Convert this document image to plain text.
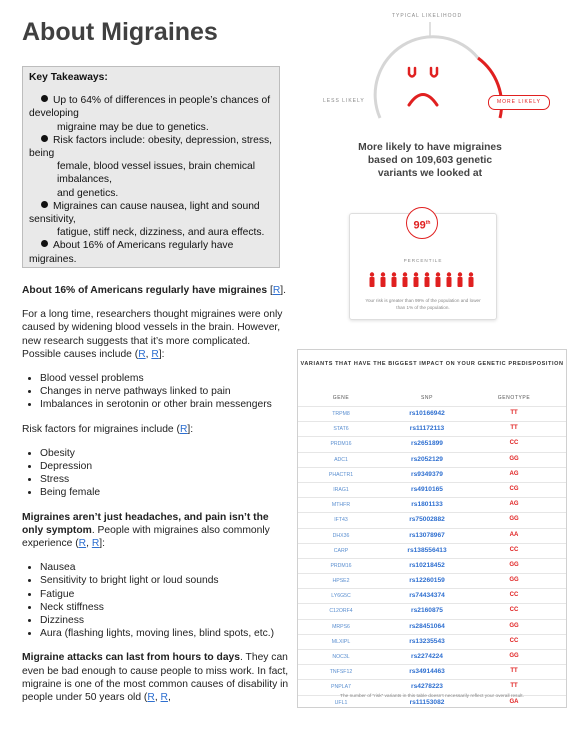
About Migraines
Key Takeaways:

Up to 64% of differences in people’s chances of developing

migraine may be due to genetics.

Risk factors include: obesity, depression, stress, being

female, blood vessel issues, brain chemical imbalances,

and genetics.

Migraines can cause nausea, light and sound sensitivity,

fatigue, stiff neck, dizziness, and aura effects.

About 16% of Americans regularly have migraines.

About 16% of Americans regularly have migraines [R].

For a long time, researchers thought migraines were only caused by widening blood vessels in the brain. However, new research suggests that it’s more complicated. Possible causes include (R, R]:

• Blood vessel problems
• Changes in nerve pathways linked to pain
• Imbalances in serotonin or other brain messengers

Risk factors for migraines include (R]:

• Obesity
• Depression
• Stress
• Being female

Migraines aren’t just headaches, and pain isn’t the only symptom. People with migraines also commonly experience (R, R]:

• Nausea
• Sensitivity to bright light or loud sounds
• Fatigue
• Neck stiffness
• Dizziness
• Aura (flashing lights, moving lines, blind spots, etc.)

Migraine attacks can last from hours to days. They can even be bad enough to cause people to miss work. In fact, migraine is one of the most common causes of disability in people under 50 years old (R, R,

TYPICAL LIKELIHOOD
LESS LIKELY	MORE LIKELY
More likely to have migraines based on 109,603 genetic variants we looked at
99th
PERCENTILE
Your risk is greater than 99% of the population and lower than 1% of the population.
VARIANTS THAT HAVE THE BIGGEST IMPACT ON YOUR GENETIC PREDISPOSITION
GENE	SNP	GENOTYPE
TRPM8	rs10166942	TT
STAT6	rs11172113	TT
PRDM16	rs2651899	CC
ADC1	rs2052129	GG
PHACTR1	rs9349379	AG
IRAG1	rs4910165	CG
MTHFR	rs1801133	AG
IFT43	rs75002882	GG
DHX36	rs13078967	AA
CARP	rs138556413	CC
PRDM16	rs10218452	GG
HPSE2	rs12260159	GG
LY6G5C	rs74434374	CC
C12ORF4	rs2160875	CC
MRPS6	rs28451064	GG
MLXIPL	rs13235543	CC
NOC3L	rs2274224	GG
TNFSF12	rs34914463	TT
PNPLA7	rs4278223	TT
UFL1	rs11153082	GA
The number of “risk” variants in this table doesn’t necessarily reflect your overall result.
